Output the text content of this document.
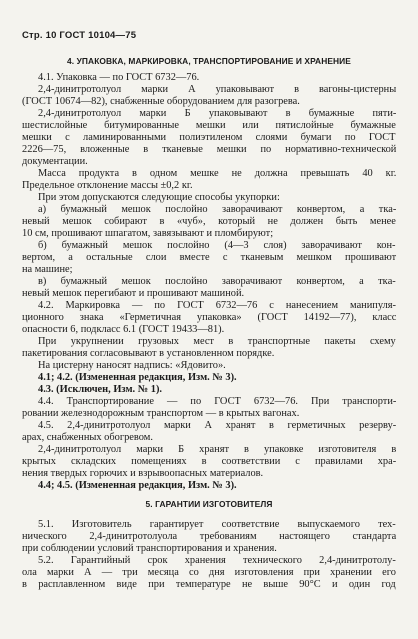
Стр. 10 ГОСТ 10104—75
4. УПАКОВКА, МАРКИРОВКА, ТРАНСПОРТИРОВАНИЕ И ХРАНЕНИЕ
4.1. Упаковка — по ГОСТ 6732—76.
2,4-динитротолуол марки А упаковывают в вагоны-цистерны
(ГОСТ 10674—82), снабженные оборудованием для разогрева.
2,4-динитротолуол марки Б упаковывают в бумажные пяти-
шестислойные битумированные мешки или пятислойные бумажные
мешки с ламинированными полиэтиленом слоями бумаги по ГОСТ
2226—75, вложенные в тканевые мешки по нормативно-технической
документации.
Масса продукта в одном мешке не должна превышать 40 кг.
Предельное отклонение массы ±0,2 кг.
При этом допускаются следующие способы укупорки:
а) бумажный мешок послойно заворачивают конвертом, а тка-
невый мешок собирают в «чуб», который не должен быть менее
10 см, прошивают шпагатом, завязывают и пломбируют;
б) бумажный мешок послойно (4—3 слоя) заворачивают кон-
вертом, а остальные слои вместе с тканевым мешком прошивают
на машине;
в) бумажный мешок послойно заворачивают конвертом, а ткa-
невый мешок перегибают и прошивают машиной.
4.2. Маркировка — по ГОСТ 6732—76 с нанесением манипуля-
ционного знака «Герметичная упаковка» (ГОСТ 14192—77), класс
опасности 6, подкласс 6.1 (ГОСТ 19433—81).
При укрупнении грузовых мест в транспортные пакеты схему
пакетирования согласовывают в установленном порядке.
На цистерну наносят надпись: «Ядовито».
4.1; 4.2. (Измененная редакция, Изм. № 3).
4.3. (Исключен, Изм. № 1).
4.4. Транспортирование — по ГОСТ 6732—76. При транспорти-
ровании железнодорожным транспортом — в крытых вагонах.
4.5. 2,4-динитротолуол марки А хранят в герметичных резерву-
арах, снабженных обогревом.
2,4-динитротолуол марки Б хранят в упаковке изготовителя в
крытых складских помещениях в соответствии с правилами хра-
нения твердых горючих и взрывоопасных материалов.
4.4; 4.5. (Измененная редакция, Изм. № 3).
5. ГАРАНТИИ ИЗГОТОВИТЕЛЯ
5.1. Изготовитель гарантирует соответствие выпускаемого тех-
нического 2,4-динитротолуола требованиям настоящего стандарта
при соблюдении условий транспортирования и хранения.
5.2. Гарантийный срок хранения технического 2,4-динитротолу-
ола марки А — три месяца со дня изготовления при хранении его
в расплавленном виде при температуре не выше 90°С и один год
